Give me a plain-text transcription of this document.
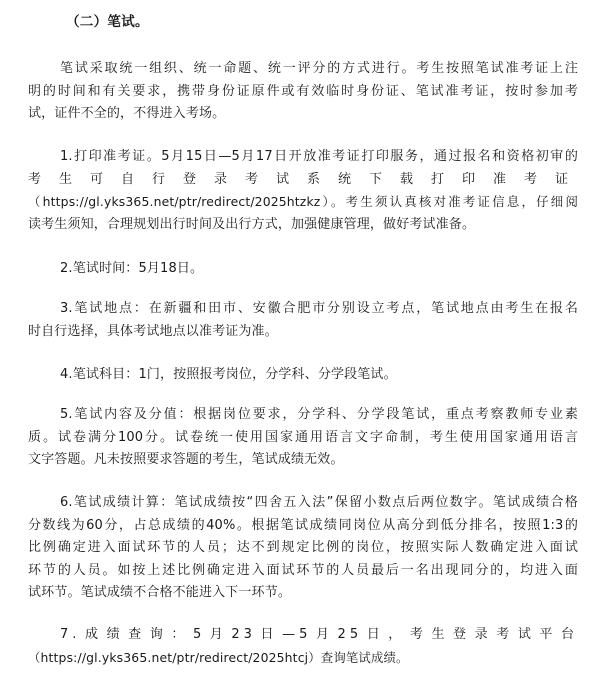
（二）笔试。
笔试采取统一组织、统一命题、统一评分的方式进行。考生按照笔试准考证上注
明的时间和有关要求，携带身份证原件或有效临时身份证、笔试准考证，按时参加考
试，证件不全的，不得进入考场。
1.打印准考证。5月15日—5月17日开放准考证打印服务，通过报名和资格初审的
考生可自行登录考试系统下载打印准考证
（https://gl.yks365.net/ptr/redirect/2025htzkz）。考生须认真核对准考证信息，仔细阅
读考生须知，合理规划出行时间及出行方式，加强健康管理，做好考试准备。
2.笔试时间：5月18日。
3.笔试地点：在新疆和田市、安徽合肥市分别设立考点，笔试地点由考生在报名
时自行选择，具体考试地点以准考证为准。
4.笔试科目：1门，按照报考岗位，分学科、分学段笔试。
5.笔试内容及分值：根据岗位要求，分学科、分学段笔试，重点考察教师专业素
质。试卷满分100分。试卷统一使用国家通用语言文字命制，考生使用国家通用语言
文字答题。凡未按照要求答题的考生，笔试成绩无效。
6.笔试成绩计算：笔试成绩按“四舍五入法”保留小数点后两位数字。笔试成绩合格
分数线为60分，占总成绩的40%。根据笔试成绩同岗位从高分到低分排名，按照1:3的
比例确定进入面试环节的人员；达不到规定比例的岗位，按照实际人数确定进入面试
环节的人员。如按上述比例确定进入面试环节的人员最后一名出现同分的，均进入面
试环节。笔试成绩不合格不能进入下一环节。
7.成绩查询：5月23日—5月25日，考生登录考试平台
（https://gl.yks365.net/ptr/redirect/2025htcj）查询笔试成绩。
